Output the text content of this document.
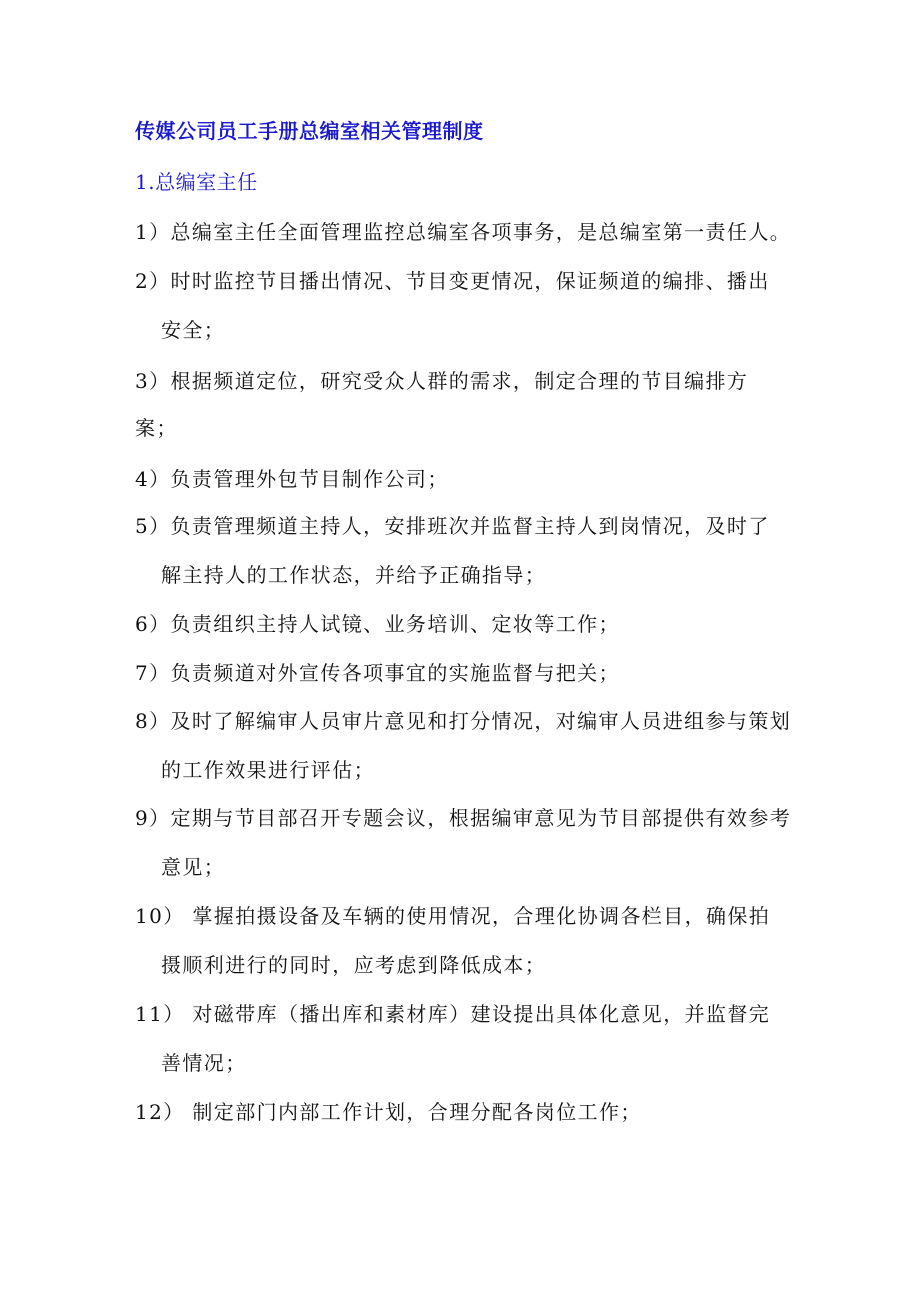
传媒公司员工手册总编室相关管理制度
1.总编室主任
1）总编室主任全面管理监控总编室各项事务，是总编室第一责任人。
2）时时监控节目播出情况、节目变更情况，保证频道的编排、播出
安全；
3）根据频道定位，研究受众人群的需求，制定合理的节目编排方
案；
4）负责管理外包节目制作公司；
5）负责管理频道主持人，安排班次并监督主持人到岗情况，及时了
解主持人的工作状态，并给予正确指导；
6）负责组织主持人试镜、业务培训、定妆等工作；
7）负责频道对外宣传各项事宜的实施监督与把关；
8）及时了解编审人员审片意见和打分情况，对编审人员进组参与策划
的工作效果进行评估；
9）定期与节目部召开专题会议，根据编审意见为节目部提供有效参考
意见；
10） 掌握拍摄设备及车辆的使用情况，合理化协调各栏目，确保拍
摄顺利进行的同时，应考虑到降低成本；
11） 对磁带库（播出库和素材库）建设提出具体化意见，并监督完
善情况；
12） 制定部门内部工作计划，合理分配各岗位工作；
